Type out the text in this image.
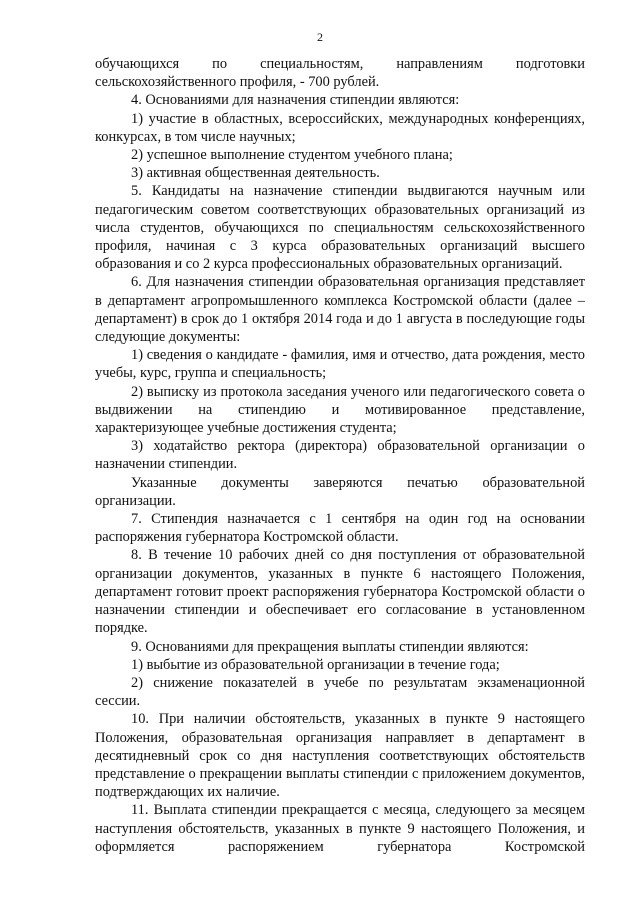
2

обучающихся по специальностям, направлениям подготовки сельскохозяйственного профиля, - 700 рублей.

4. Основаниями для назначения стипендии являются:

1) участие в областных, всероссийских, международных конференциях, конкурсах, в том числе научных;

2) успешное выполнение студентом учебного плана;

3) активная общественная деятельность.

5. Кандидаты на назначение стипендии выдвигаются научным или педагогическим советом соответствующих образовательных организаций из числа студентов, обучающихся по специальностям сельскохозяйственного профиля, начиная с 3 курса образовательных организаций высшего образования и со 2 курса профессиональных образовательных организаций.

6. Для назначения стипендии образовательная организация представляет в департамент агропромышленного комплекса Костромской области (далее – департамент) в срок до 1 октября 2014 года и до 1 августа в последующие годы следующие документы:

1) сведения о кандидате - фамилия, имя и отчество, дата рождения, место учебы, курс, группа и специальность;

2) выписку из протокола заседания ученого или педагогического совета о выдвижении на стипендию и мотивированное представление, характеризующее учебные достижения студента;

3) ходатайство ректора (директора) образовательной организации о назначении стипендии.

Указанные документы заверяются печатью образовательной организации.

7. Стипендия назначается с 1 сентября на один год на основании распоряжения губернатора Костромской области.

8. В течение 10 рабочих дней со дня поступления от образовательной организации документов, указанных в пункте 6 настоящего Положения, департамент готовит проект распоряжения губернатора Костромской области о назначении стипендии и обеспечивает его согласование в установленном порядке.

9. Основаниями для прекращения выплаты стипендии являются:

1) выбытие из образовательной организации в течение года;

2) снижение показателей в учебе по результатам экзаменационной сессии.

10. При наличии обстоятельств, указанных в пункте 9 настоящего Положения, образовательная организация направляет в департамент в десятидневный срок со дня наступления соответствующих обстоятельств представление о прекращении выплаты стипендии с приложением документов, подтверждающих их наличие.

11. Выплата стипендии прекращается с месяца, следующего за месяцем наступления обстоятельств, указанных в пункте 9 настоящего Положения, и оформляется распоряжением губернатора Костромской
